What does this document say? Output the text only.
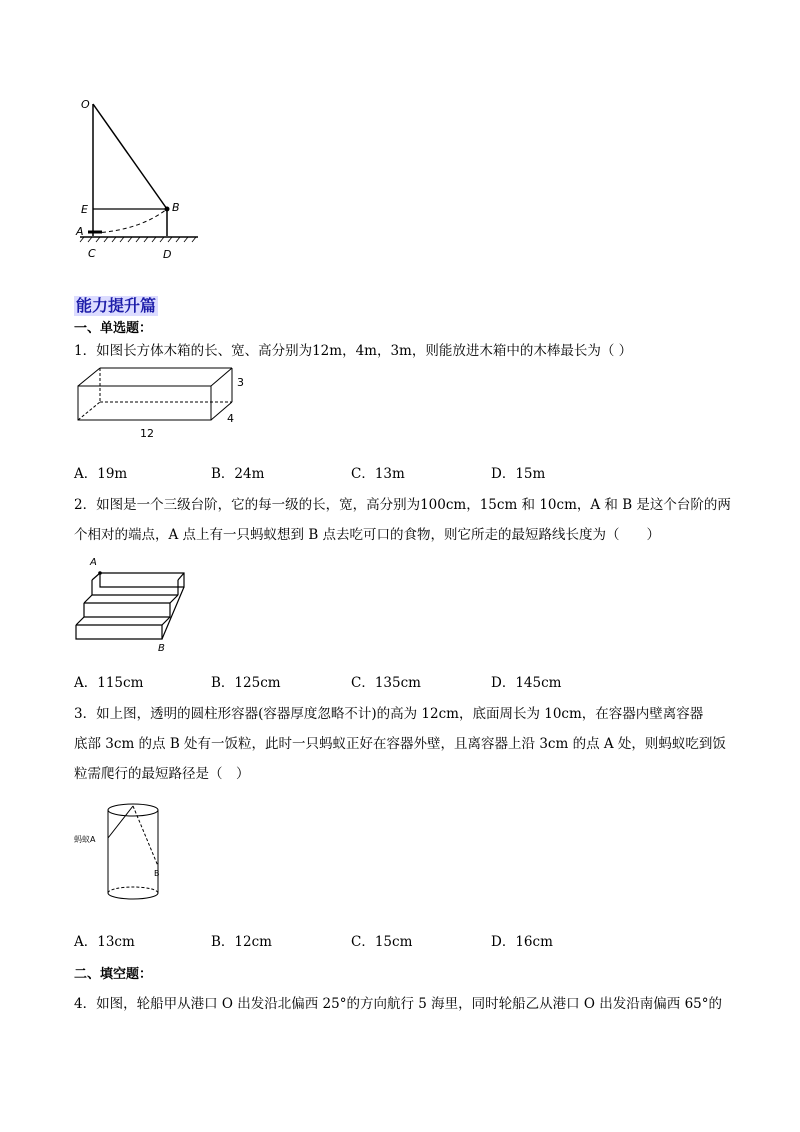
O
E	B
A
C	D
能力提升篇
一、单选题：
1．如图长方体木箱的长、宽、高分别为12m，4m，3m，则能放进木箱中的木棒最长为（ ）
3
4
12
A．19m	B．24m	C．13m	D．15m
2．如图是一个三级台阶，它的每一级的长，宽，高分别为100cm，15cm 和 10cm，A 和 B 是这个台阶的两
个相对的端点，A 点上有一只蚂蚁想到 B 点去吃可口的食物，则它所走的最短路线长度为（　　）
A
B
A．115cm	B．125cm	C．135cm	D．145cm
3．如上图，透明的圆柱形容器(容器厚度忽略不计)的高为 12cm，底面周长为 10cm，在容器内壁离容器
底部 3cm 的点 B 处有一饭粒，此时一只蚂蚁正好在容器外壁，且离容器上沿 3cm 的点 A 处，则蚂蚁吃到饭
粒需爬行的最短路径是（　）
蚂蚁A
B
A．13cm	B．12cm	C．15cm	D．16cm
二、填空题：
4．如图，轮船甲从港口 O 出发沿北偏西 25°的方向航行 5 海里，同时轮船乙从港口 O 出发沿南偏西 65°的
